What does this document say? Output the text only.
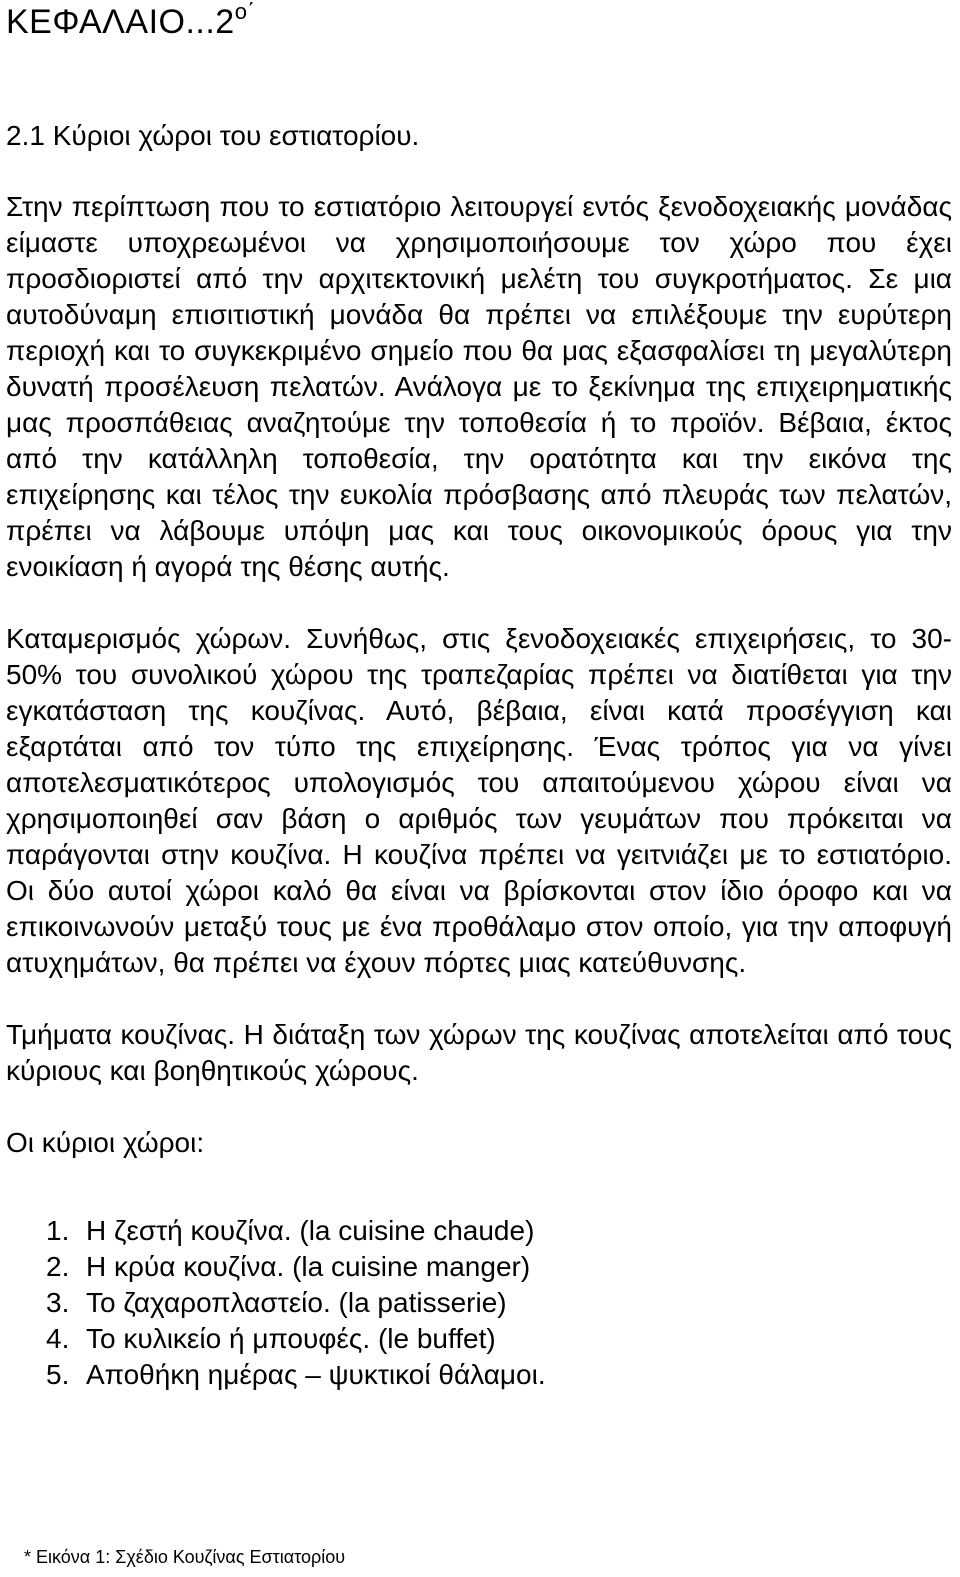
$KE\Phi A\Lambda AIO...2^{o΄}$
2.1 Κύριοι χώροι του εστιατορίου.

Στην περίπτωση που το εστιατόριο λειτουργεί εντός ξενοδοχειακής μονάδας είμαστε υποχρεωμένοι να χρησιμοποιήσουμε τον χώρο που έχει προσδιοριστεί από την αρχιτεκτονική μελέτη του συγκροτήματος. Σε μια αυτοδύναμη επισιτιστική μονάδα θα πρέπει να επιλέξουμε την ευρύτερη περιοχή και το συγκεκριμένο σημείο που θα μας εξασφαλίσει τη μεγαλύτερη δυνατή προσέλευση πελατών. Ανάλογα με το ξεκίνημα της επιχειρηματικής μας προσπάθειας αναζητούμε την τοποθεσία ή το προϊόν. Βέβαια, έκτος από την κατάλληλη τοποθεσία, την ορατότητα και την εικόνα της επιχείρησης και τέλος την ευκολία πρόσβασης από πλευράς των πελατών, πρέπει να λάβουμε υπόψη μας και τους οικονομικούς όρους για την ενοικίαση ή αγορά της θέσης αυτής.

Καταμερισμός χώρων. Συνήθως, στις ξενοδοχειακές επιχειρήσεις, το 30-50% του συνολικού χώρου της τραπεζαρίας πρέπει να διατίθεται για την εγκατάσταση της κουζίνας. Αυτό, βέβαια, είναι κατά προσέγγιση και εξαρτάται από τον τύπο της επιχείρησης. Ένας τρόπος για να γίνει αποτελεσματικότερος υπολογισμός του απαιτούμενου χώρου είναι να χρησιμοποιηθεί σαν βάση ο αριθμός των γευμάτων που πρόκειται να παράγονται στην κουζίνα. Η κουζίνα πρέπει να γειτνιάζει με το εστιατόριο. Οι δύο αυτοί χώροι καλό θα είναι να βρίσκονται στον ίδιο όροφο και να επικοινωνούν μεταξύ τους με ένα προθάλαμο στον οποίο, για την αποφυγή ατυχημάτων, θα πρέπει να έχουν πόρτες μιας κατεύθυνσης.

Τμήματα κουζίνας. Η διάταξη των χώρων της κουζίνας αποτελείται από τους κύριους και βοηθητικούς χώρους.

Οι κύριοι χώροι:

1. Η ζεστή κουζίνα. (la cuisine chaude)
2. Η κρύα κουζίνα. (la cuisine manger)
3. Το ζαχαροπλαστείο. (la patisserie)
4. Το κυλικείο ή μπουφές. (le buffet)
5. Αποθήκη ημέρας – ψυκτικοί θάλαμοι.

* Εικόνα 1: Σχέδιο Κουζίνας Εστιατορίου
